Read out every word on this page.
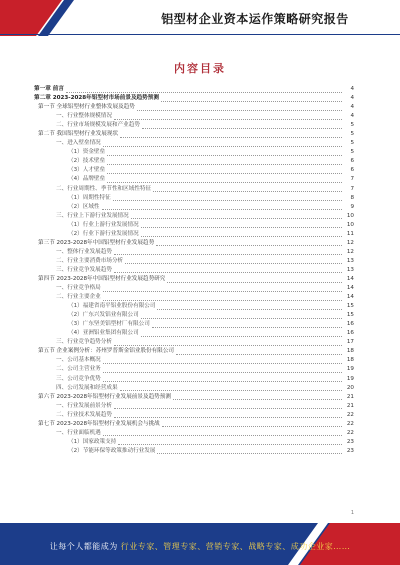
铝型材企业资本运作策略研究报告
内容目录
第一章 前言	4
第二章 2023-2028年铝型材市场前景及趋势预测	4
第一节 全球铝型材行业整体发展及趋势	4
一、行业整体规模情况	4
二、行业市场规模发展和产业趋势	5
第二节 我国铝型材行业发展现状	5
一、进入壁垒情况	5
（1）资金壁垒	5
（2）技术壁垒	6
（3）人才壁垒	6
（4）品牌壁垒	7
二、行业周期性、季节性和区域性特征	7
（1）周期性特征	8
（2）区域性	9
三、行业上下游行业发展情况	10
（1）行业上游行业发展情况	10
（2）行业下游行业发展情况	11
第三节 2023-2028年中国铝型材行业发展趋势	12
一、整体行业发展趋势	12
二、行业主要消费市场分析	13
三、行业竞争发展趋势	13
第四节 2023-2028年中国铝型材行业发展趋势研究	14
一、行业竞争格局	14
二、行业主要企业	14
（1）福建省南平铝业股份有限公司	15
（2）广东兴发铝业有限公司	15
（3）广东坚美铝型材厂有限公司	16
（4）亚洲铝业集团有限公司	16
三、行业竞争趋势分析	17
第五节 企业案例分析：苏州罗普斯金铝业股份有限公司	18
一、公司基本概况	18
二、公司主营业务	19
三、公司竞争优势	19
四、公司发展和经营成果	20
第六节 2023-2028年铝型材行业发展前景及趋势预测	21
一、行业发展前景分析	21
二、行业技术发展趋势	22
第七节 2023-2028年铝型材行业发展机会与挑战	22
一、行业面临机遇	22
（1）国家政策支持	23
（2）节能环保等政策推动行业发展	23
1
让每个人都能成为 行业专家、管理专家、营销专家、战略专家、成功企业家……
